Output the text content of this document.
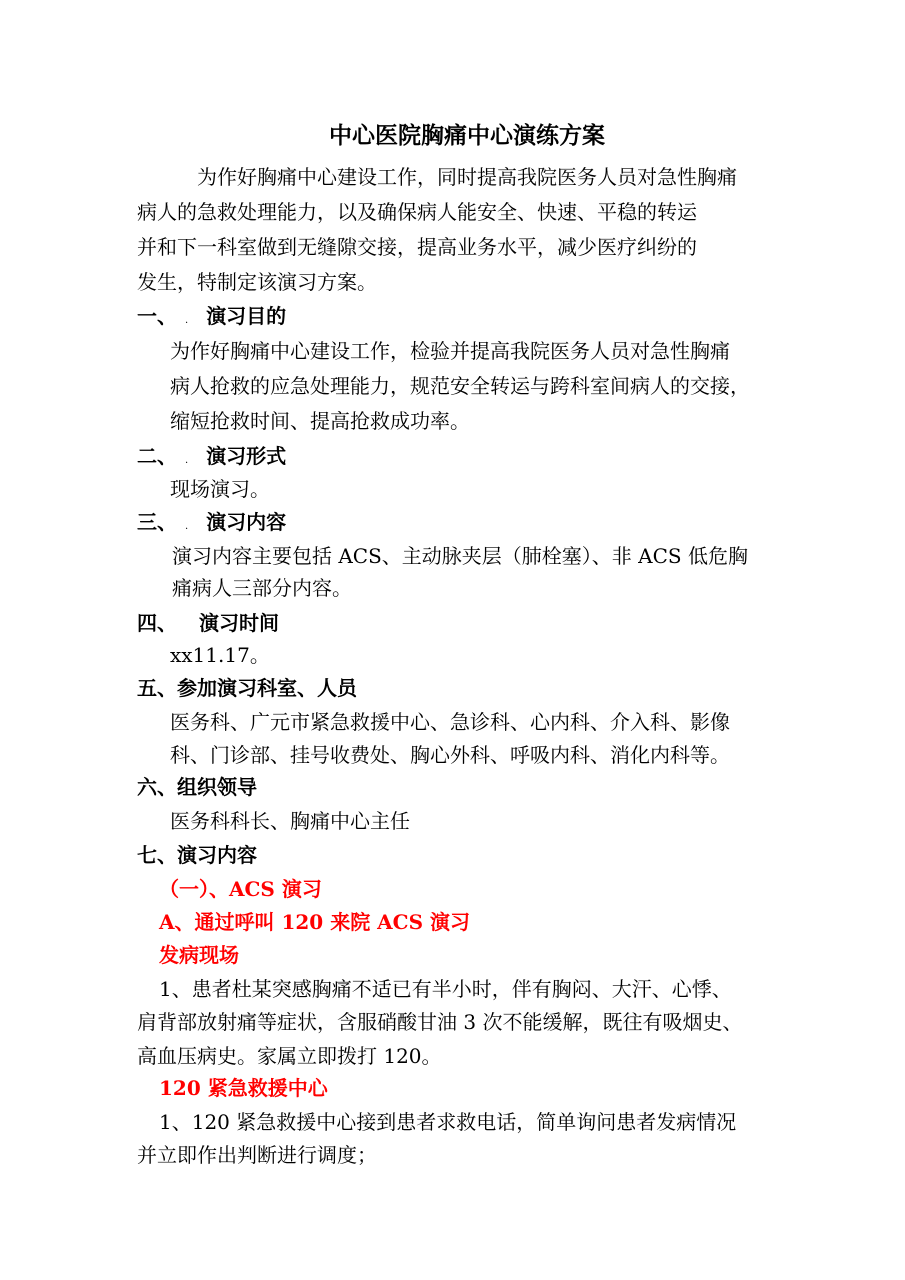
中心医院胸痛中心演练方案
为作好胸痛中心建设工作，同时提高我院医务人员对急性胸痛
病人的急救处理能力，以及确保病人能安全、快速、平稳的转运
并和下一科室做到无缝隙交接，提高业务水平，减少医疗纠纷的
发生，特制定该演习方案。
一、 . 演习目的
为作好胸痛中心建设工作，检验并提高我院医务人员对急性胸痛
病人抢救的应急处理能力，规范安全转运与跨科室间病人的交接，
缩短抢救时间、提高抢救成功率。
二、 . 演习形式
现场演习。
三、 . 演习内容
演习内容主要包括 ACS、主动脉夹层（肺栓塞）、非 ACS 低危胸
痛病人三部分内容。
四、 演习时间
xx11.17。
五、参加演习科室、人员
医务科、广元市紧急救援中心、急诊科、心内科、介入科、影像
科、门诊部、挂号收费处、胸心外科、呼吸内科、消化内科等。
六、组织领导
医务科科长、胸痛中心主任
七、演习内容
（一）、ACS 演习
A、通过呼叫 120 来院 ACS 演习
发病现场
1、患者杜某突感胸痛不适已有半小时，伴有胸闷、大汗、心悸、
肩背部放射痛等症状，含服硝酸甘油 3 次不能缓解，既往有吸烟史、
高血压病史。家属立即拨打 120。
120 紧急救援中心
1、120 紧急救援中心接到患者求救电话，简单询问患者发病情况
并立即作出判断进行调度；
